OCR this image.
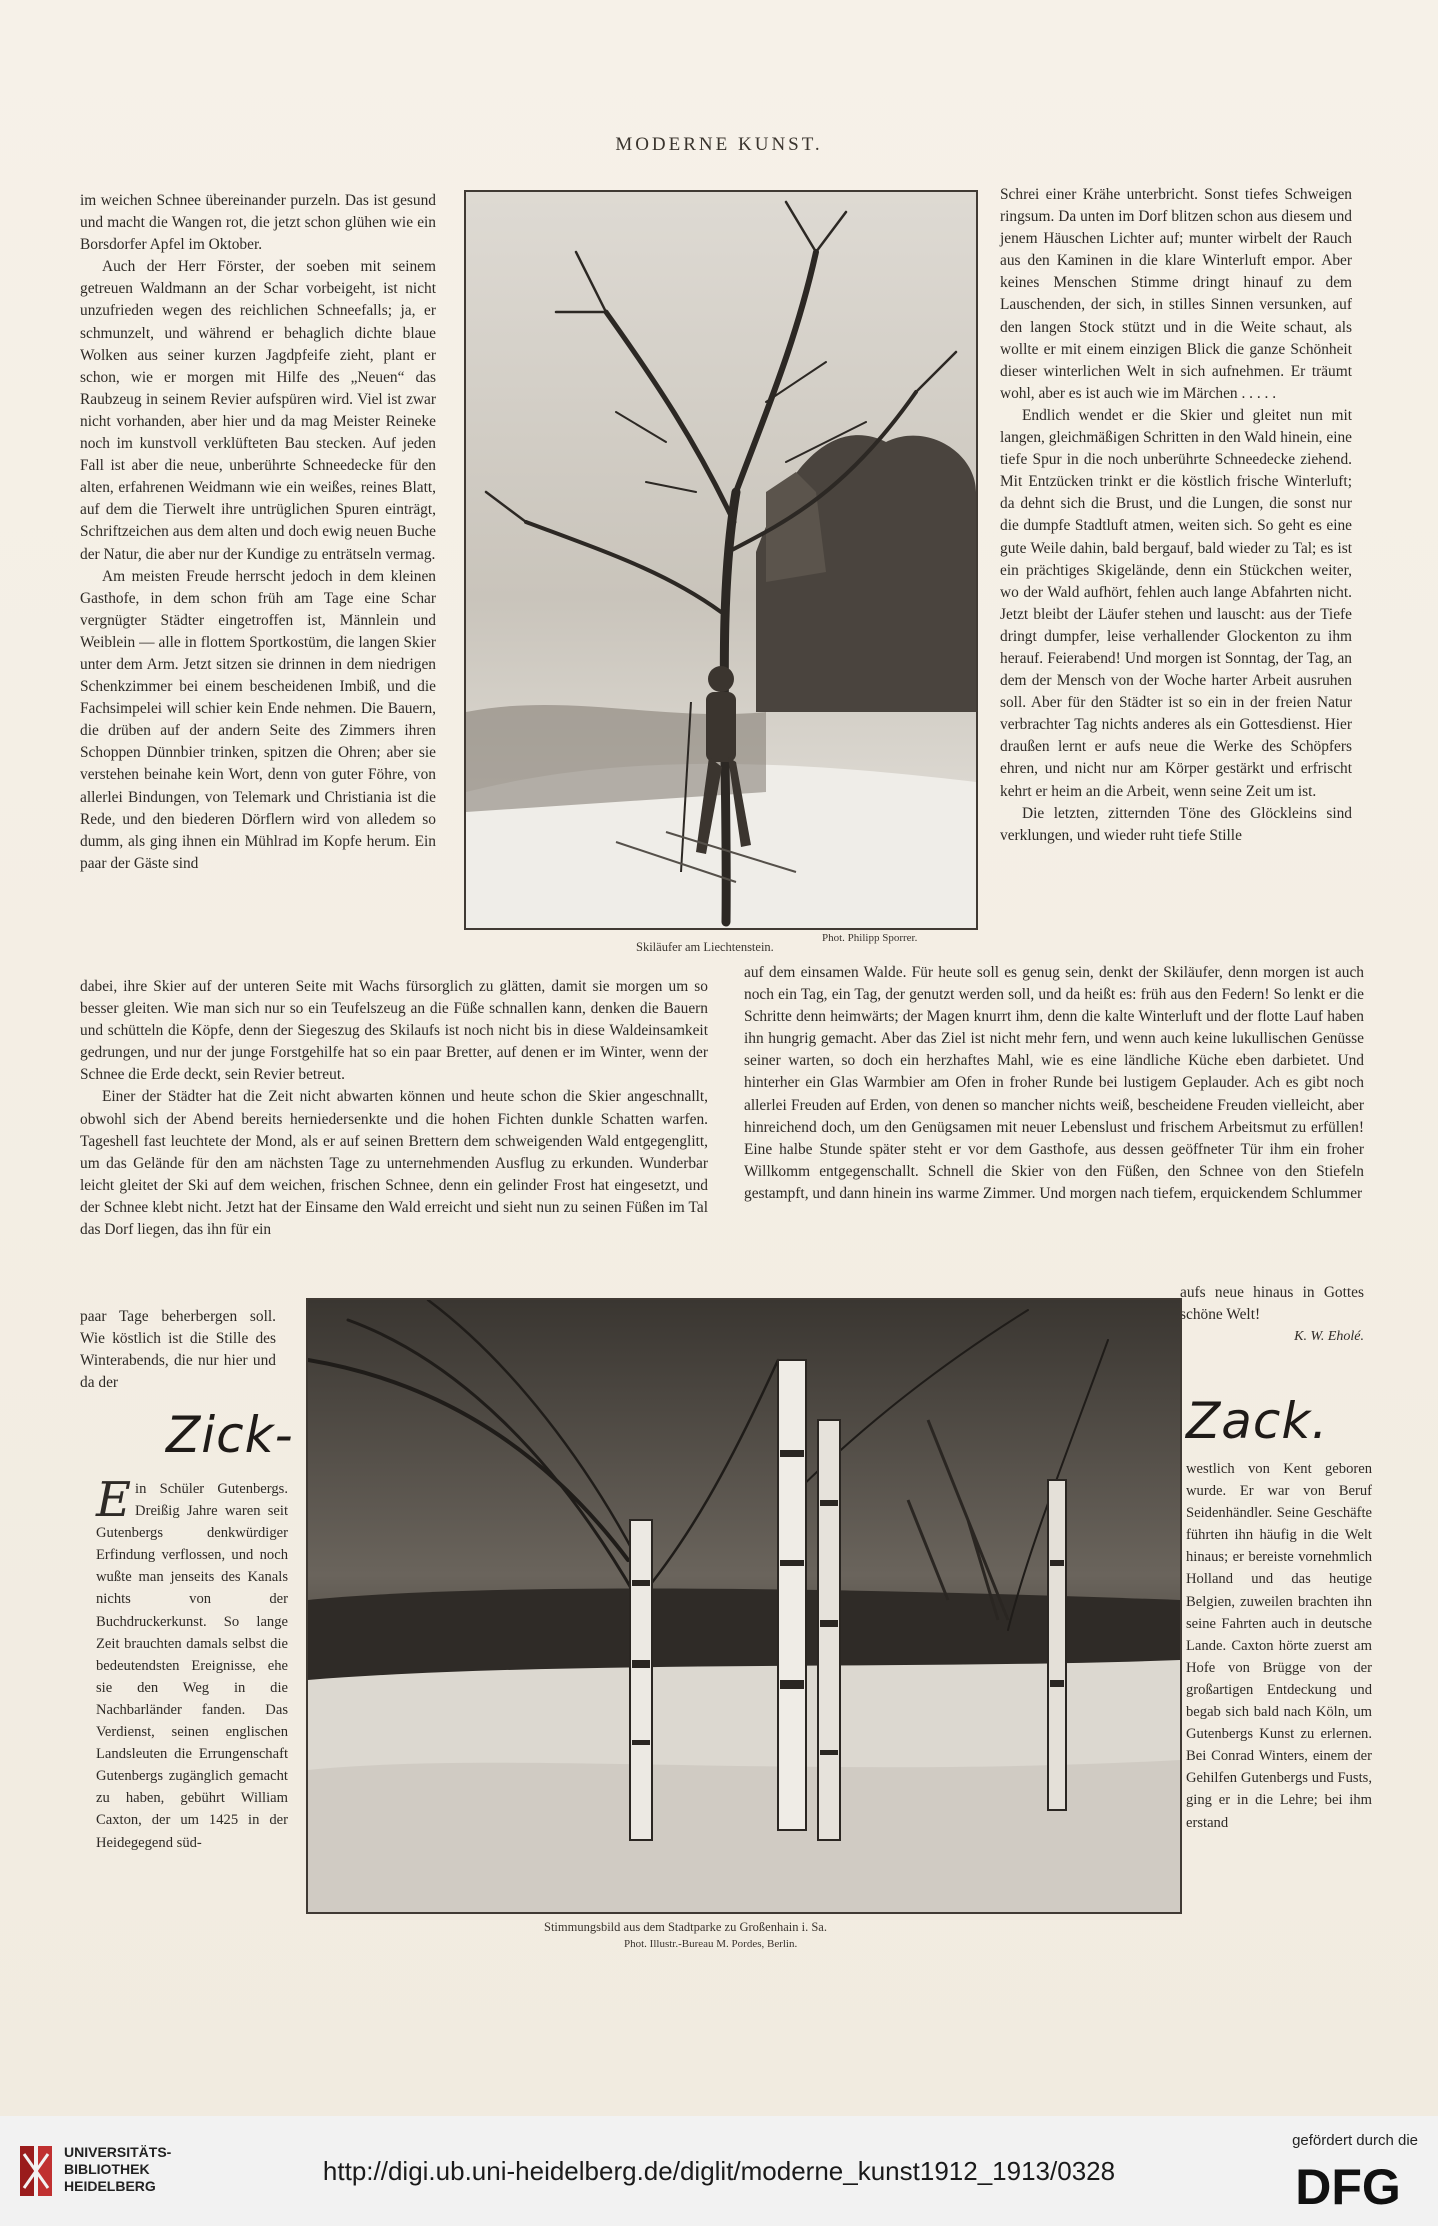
MODERNE KUNST.

im weichen Schnee übereinander purzeln. Das ist gesund und macht die Wangen rot, die jetzt schon glühen wie ein Borsdorfer Apfel im Oktober.

Auch der Herr Förster, der soeben mit seinem getreuen Waldmann an der Schar vorbeigeht, ist nicht unzufrieden wegen des reichlichen Schneefalls; ja, er schmunzelt, und während er behaglich dichte blaue Wolken aus seiner kurzen Jagdpfeife zieht, plant er schon, wie er morgen mit Hilfe des „Neuen“ das Raubzeug in seinem Revier aufspüren wird. Viel ist zwar nicht vorhanden, aber hier und da mag Meister Reineke noch im kunstvoll verklüfteten Bau stecken. Auf jeden Fall ist aber die neue, unberührte Schneedecke für den alten, erfahrenen Weidmann wie ein weißes, reines Blatt, auf dem die Tierwelt ihre untrüglichen Spuren einträgt, Schriftzeichen aus dem alten und doch ewig neuen Buche der Natur, die aber nur der Kundige zu enträtseln vermag.

Am meisten Freude herrscht jedoch in dem kleinen Gasthofe, in dem schon früh am Tage eine Schar vergnügter Städter eingetroffen ist, Männlein und Weiblein — alle in flottem Sportkostüm, die langen Skier unter dem Arm. Jetzt sitzen sie drinnen in dem niedrigen Schenkzimmer bei einem bescheidenen Imbiß, und die Fachsimpelei will schier kein Ende nehmen. Die Bauern, die drüben auf der andern Seite des Zimmers ihren Schoppen Dünnbier trinken, spitzen die Ohren; aber sie verstehen beinahe kein Wort, denn von guter Föhre, von allerlei Bindungen, von Telemark und Christiania ist die Rede, und den biederen Dörflern wird von alledem so dumm, als ging ihnen ein Mühlrad im Kopfe herum. Ein paar der Gäste sind

Skiläufer am Liechtenstein.
Phot. Philipp Sporrer.

Schrei einer Krähe unterbricht. Sonst tiefes Schweigen ringsum. Da unten im Dorf blitzen schon aus diesem und jenem Häuschen Lichter auf; munter wirbelt der Rauch aus den Kaminen in die klare Winterluft empor. Aber keines Menschen Stimme dringt hinauf zu dem Lauschenden, der sich, in stilles Sinnen versunken, auf den langen Stock stützt und in die Weite schaut, als wollte er mit einem einzigen Blick die ganze Schönheit dieser winterlichen Welt in sich aufnehmen. Er träumt wohl, aber es ist auch wie im Märchen . . . . .

Endlich wendet er die Skier und gleitet nun mit langen, gleichmäßigen Schritten in den Wald hinein, eine tiefe Spur in die noch unberührte Schneedecke ziehend. Mit Entzücken trinkt er die köstlich frische Winterluft; da dehnt sich die Brust, und die Lungen, die sonst nur die dumpfe Stadtluft atmen, weiten sich. So geht es eine gute Weile dahin, bald bergauf, bald wieder zu Tal; es ist ein prächtiges Skigelände, denn ein Stückchen weiter, wo der Wald aufhört, fehlen auch lange Abfahrten nicht. Jetzt bleibt der Läufer stehen und lauscht: aus der Tiefe dringt dumpfer, leise verhallender Glockenton zu ihm herauf. Feierabend! Und morgen ist Sonntag, der Tag, an dem der Mensch von der Woche harter Arbeit ausruhen soll. Aber für den Städter ist so ein in der freien Natur verbrachter Tag nichts anderes als ein Gottesdienst. Hier draußen lernt er aufs neue die Werke des Schöpfers ehren, und nicht nur am Körper gestärkt und erfrischt kehrt er heim an die Arbeit, wenn seine Zeit um ist.

Die letzten, zitternden Töne des Glöckleins sind verklungen, und wieder ruht tiefe Stille

dabei, ihre Skier auf der unteren Seite mit Wachs fürsorglich zu glätten, damit sie morgen um so besser gleiten. Wie man sich nur so ein Teufelszeug an die Füße schnallen kann, denken die Bauern und schütteln die Köpfe, denn der Siegeszug des Skilaufs ist noch nicht bis in diese Waldeinsamkeit gedrungen, und nur der junge Forstgehilfe hat so ein paar Bretter, auf denen er im Winter, wenn der Schnee die Erde deckt, sein Revier betreut.

Einer der Städter hat die Zeit nicht abwarten können und heute schon die Skier angeschnallt, obwohl sich der Abend bereits herniedersenkte und die hohen Fichten dunkle Schatten warfen. Tageshell fast leuchtete der Mond, als er auf seinen Brettern dem schweigenden Wald entgegenglitt, um das Gelände für den am nächsten Tage zu unternehmenden Ausflug zu erkunden. Wunderbar leicht gleitet der Ski auf dem weichen, frischen Schnee, denn ein gelinder Frost hat eingesetzt, und der Schnee klebt nicht. Jetzt hat der Einsame den Wald erreicht und sieht nun zu seinen Füßen im Tal das Dorf liegen, das ihn für ein

auf dem einsamen Walde. Für heute soll es genug sein, denkt der Skiläufer, denn morgen ist auch noch ein Tag, ein Tag, der genutzt werden soll, und da heißt es: früh aus den Federn! So lenkt er die Schritte denn heimwärts; der Magen knurrt ihm, denn die kalte Winterluft und der flotte Lauf haben ihn hungrig gemacht. Aber das Ziel ist nicht mehr fern, und wenn auch keine lukullischen Genüsse seiner warten, so doch ein herzhaftes Mahl, wie es eine ländliche Küche eben darbietet. Und hinterher ein Glas Warmbier am Ofen in froher Runde bei lustigem Geplauder. Ach es gibt noch allerlei Freuden auf Erden, von denen so mancher nichts weiß, bescheidene Freuden vielleicht, aber hinreichend doch, um den Genügsamen mit neuer Lebenslust und frischem Arbeitsmut zu erfüllen! Eine halbe Stunde später steht er vor dem Gasthofe, aus dessen geöffneter Tür ihm ein froher Willkomm entgegenschallt. Schnell die Skier von den Füßen, den Schnee von den Stiefeln gestampft, und dann hinein ins warme Zimmer. Und morgen nach tiefem, erquickendem Schlummer

paar Tage beherbergen soll. Wie köstlich ist die Stille des Winterabends, die nur hier und da der

aufs neue hinaus in Gottes schöne Welt!

K. W. Eholé.
Stimmungsbild aus dem Stadtparke zu Großenhain i. Sa.
Phot. Illustr.-Bureau M. Pordes, Berlin.
Zick-	Zack.

Ein Schüler Gutenbergs. Dreißig Jahre waren seit Gutenbergs denkwürdiger Erfindung verflossen, und noch wußte man jenseits des Kanals nichts von der Buchdruckerkunst. So lange Zeit brauchten damals selbst die bedeutendsten Ereignisse, ehe sie den Weg in die Nachbarländer fanden. Das Verdienst, seinen englischen Landsleuten die Errungenschaft Gutenbergs zugänglich gemacht zu haben, gebührt William Caxton, der um 1425 in der Heidegegend süd-

westlich von Kent geboren wurde. Er war von Beruf Seidenhändler. Seine Geschäfte führten ihn häufig in die Welt hinaus; er bereiste vornehmlich Holland und das heutige Belgien, zuweilen brachten ihn seine Fahrten auch in deutsche Lande. Caxton hörte zuerst am Hofe von Brügge von der großartigen Entdeckung und begab sich bald nach Köln, um Gutenbergs Kunst zu erlernen. Bei Conrad Winters, einem der Gehilfen Gutenbergs und Fusts, ging er in die Lehre; bei ihm erstand

UNIVERSITÄTS-
BIBLIOTHEK
HEIDELBERG	http://digi.ub.uni-heidelberg.de/diglit/moderne_kunst1912_1913/0328
gefördert durch die
DFG
